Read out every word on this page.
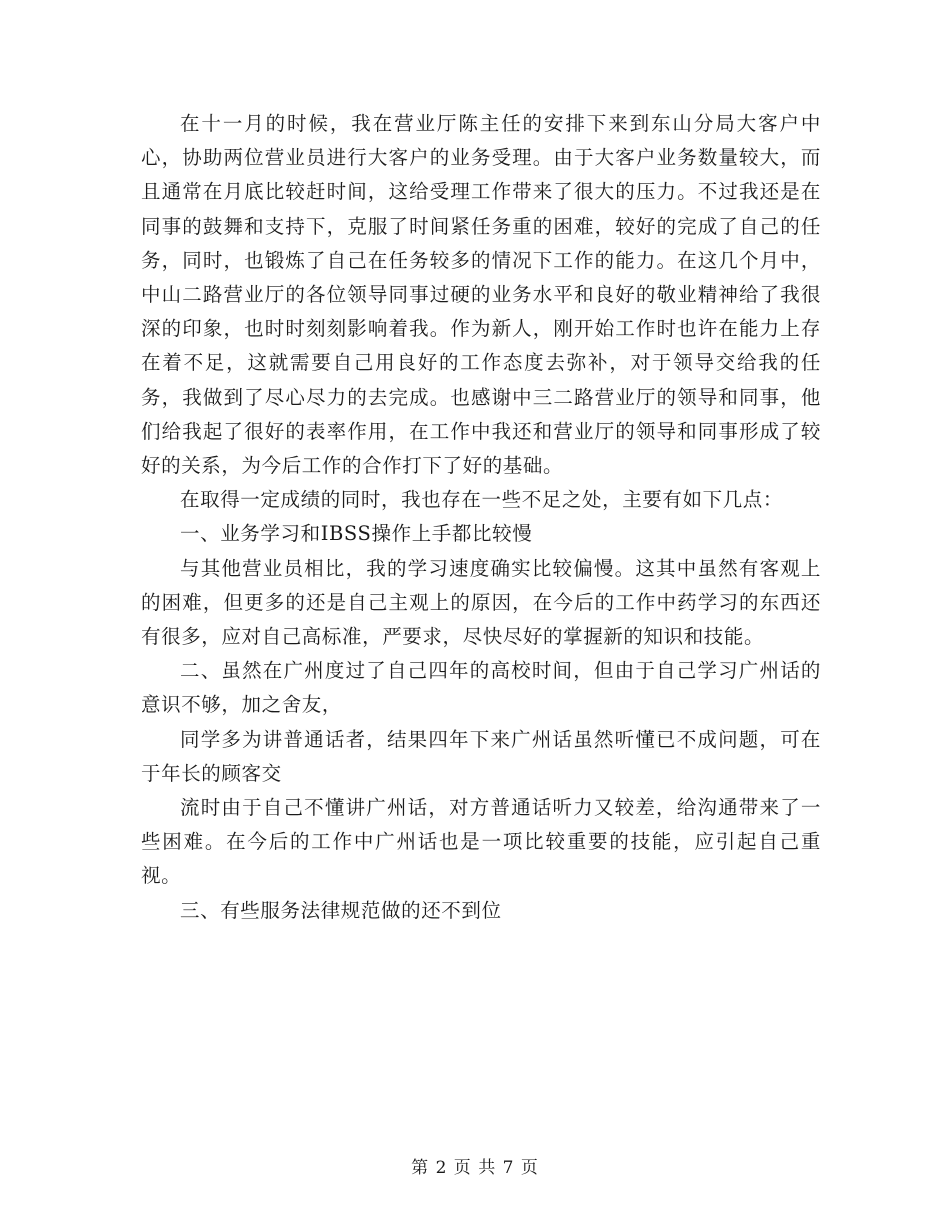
在十一月的时候，我在营业厅陈主任的安排下来到东山分局大客户中心，协助两位营业员进行大客户的业务受理。由于大客户业务数量较大，而且通常在月底比较赶时间，这给受理工作带来了很大的压力。不过我还是在同事的鼓舞和支持下，克服了时间紧任务重的困难，较好的完成了自己的任务，同时，也锻炼了自己在任务较多的情况下工作的能力。在这几个月中，中山二路营业厅的各位领导同事过硬的业务水平和良好的敬业精神给了我很深的印象，也时时刻刻影响着我。作为新人，刚开始工作时也许在能力上存在着不足，这就需要自己用良好的工作态度去弥补，对于领导交给我的任务，我做到了尽心尽力的去完成。也感谢中三二路营业厅的领导和同事，他们给我起了很好的表率作用，在工作中我还和营业厅的领导和同事形成了较好的关系，为今后工作的合作打下了好的基础。

在取得一定成绩的同时，我也存在一些不足之处，主要有如下几点：

一、业务学习和IBSS操作上手都比较慢

与其他营业员相比，我的学习速度确实比较偏慢。这其中虽然有客观上的困难，但更多的还是自己主观上的原因，在今后的工作中药学习的东西还有很多，应对自己高标准，严要求，尽快尽好的掌握新的知识和技能。

二、虽然在广州度过了自己四年的高校时间，但由于自己学习广州话的意识不够，加之舍友，

同学多为讲普通话者，结果四年下来广州话虽然听懂已不成问题，可在于年长的顾客交

流时由于自己不懂讲广州话，对方普通话听力又较差，给沟通带来了一些困难。在今后的工作中广州话也是一项比较重要的技能，应引起自己重视。

三、有些服务法律规范做的还不到位

第 2 页 共 7 页
